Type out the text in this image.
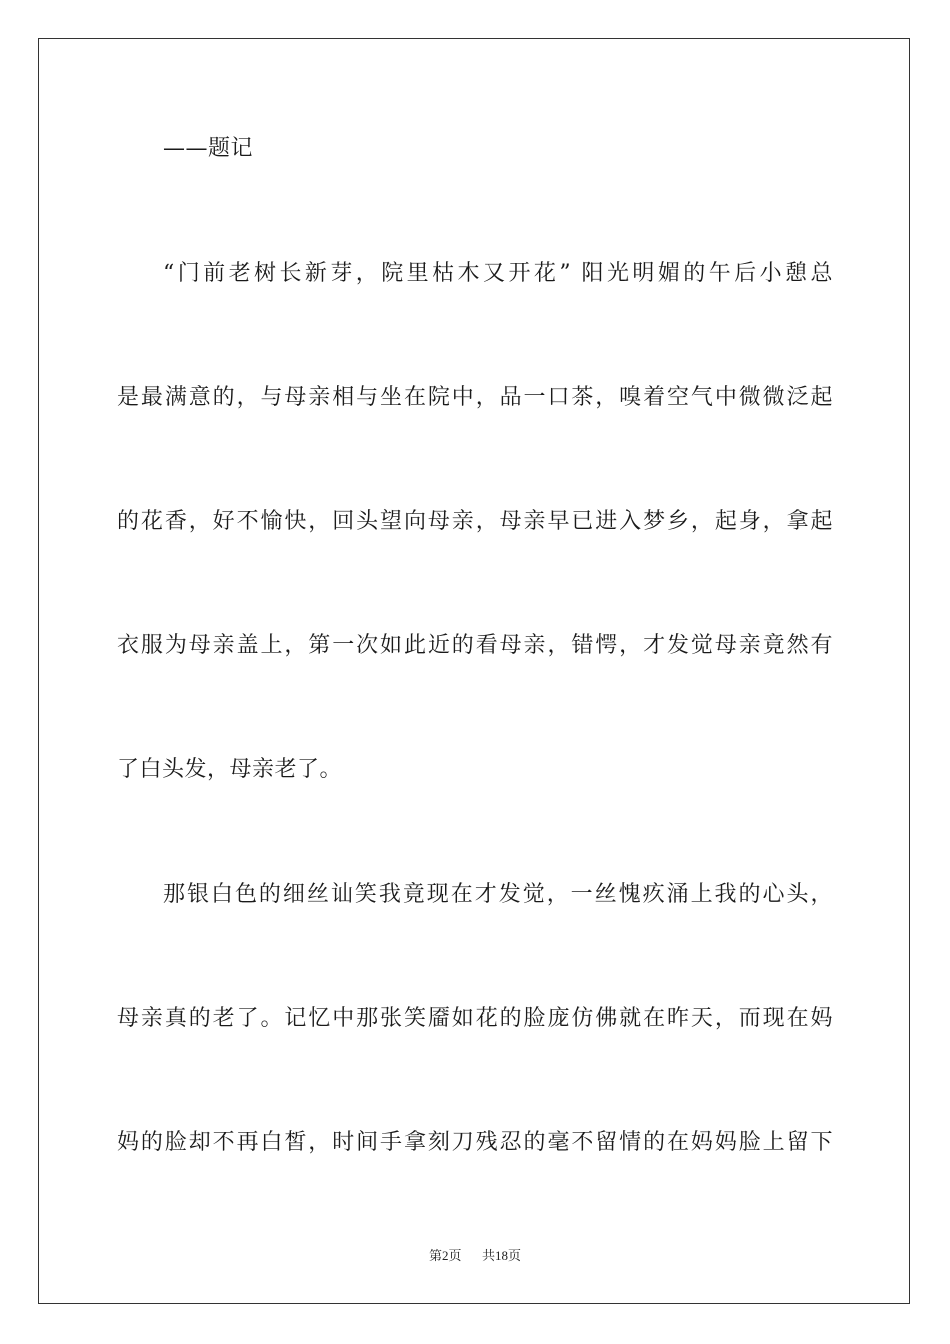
——题记
“门前老树长新芽，院里枯木又开花” 阳光明媚的午后小憩总
是最满意的，与母亲相与坐在院中，品一口茶，嗅着空气中微微泛起
的花香，好不愉快，回头望向母亲，母亲早已进入梦乡，起身，拿起
衣服为母亲盖上，第一次如此近的看母亲，错愕，才发觉母亲竟然有
了白头发，母亲老了。
那银白色的细丝讪笑我竟现在才发觉，一丝愧疚涌上我的心头，
母亲真的老了。记忆中那张笑靥如花的脸庞仿佛就在昨天，而现在妈
妈的脸却不再白皙，时间手拿刻刀残忍的毫不留情的在妈妈脸上留下
第2页 共18页
